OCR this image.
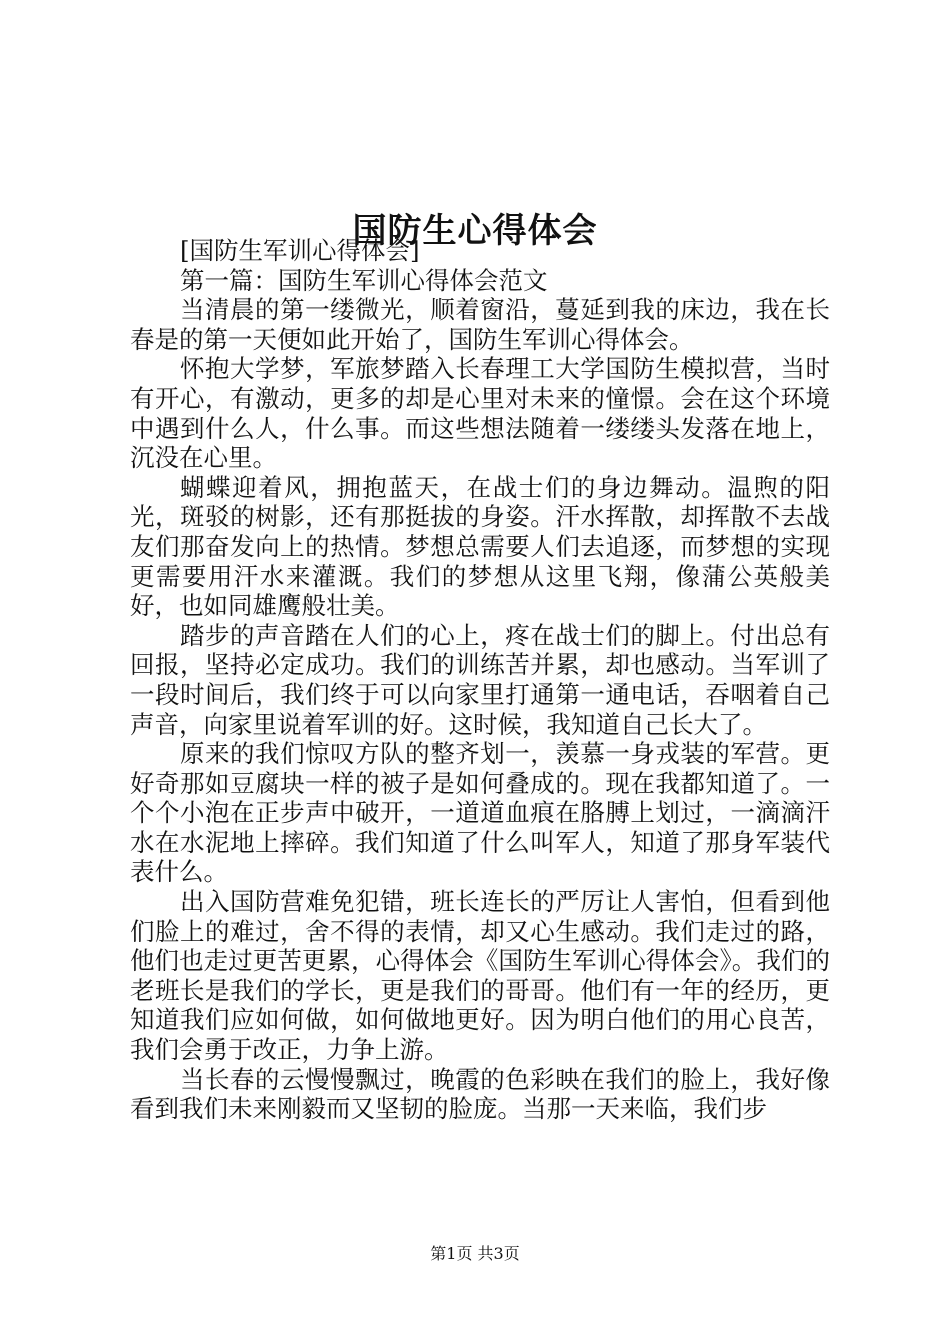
国防生心得体会

[国防生军训心得体会]

第一篇：国防生军训心得体会范文

当清晨的第一缕微光，顺着窗沿，蔓延到我的床边，我在长春是的第一天便如此开始了，国防生军训心得体会。

怀抱大学梦，军旅梦踏入长春理工大学国防生模拟营，当时有开心，有激动，更多的却是心里对未来的憧憬。会在这个环境中遇到什么人，什么事。而这些想法随着一缕缕头发落在地上，沉没在心里。

蝴蝶迎着风，拥抱蓝天，在战士们的身边舞动。温煦的阳光，斑驳的树影，还有那挺拔的身姿。汗水挥散，却挥散不去战友们那奋发向上的热情。梦想总需要人们去追逐，而梦想的实现更需要用汗水来灌溉。我们的梦想从这里飞翔，像蒲公英般美好，也如同雄鹰般壮美。

踏步的声音踏在人们的心上，疼在战士们的脚上。付出总有回报，坚持必定成功。我们的训练苦并累，却也感动。当军训了一段时间后，我们终于可以向家里打通第一通电话，吞咽着自己声音，向家里说着军训的好。这时候，我知道自己长大了。

原来的我们惊叹方队的整齐划一，羡慕一身戎装的军营。更好奇那如豆腐块一样的被子是如何叠成的。现在我都知道了。一个个小泡在正步声中破开，一道道血痕在胳膊上划过，一滴滴汗水在水泥地上摔碎。我们知道了什么叫军人，知道了那身军装代表什么。

出入国防营难免犯错，班长连长的严厉让人害怕，但看到他们脸上的难过，舍不得的表情，却又心生感动。我们走过的路，他们也走过更苦更累，心得体会《国防生军训心得体会》。我们的老班长是我们的学长，更是我们的哥哥。他们有一年的经历，更知道我们应如何做，如何做地更好。因为明白他们的用心良苦，我们会勇于改正，力争上游。

当长春的云慢慢飘过，晚霞的色彩映在我们的脸上，我好像看到我们未来刚毅而又坚韧的脸庞。当那一天来临，我们步

第1页 共3页
